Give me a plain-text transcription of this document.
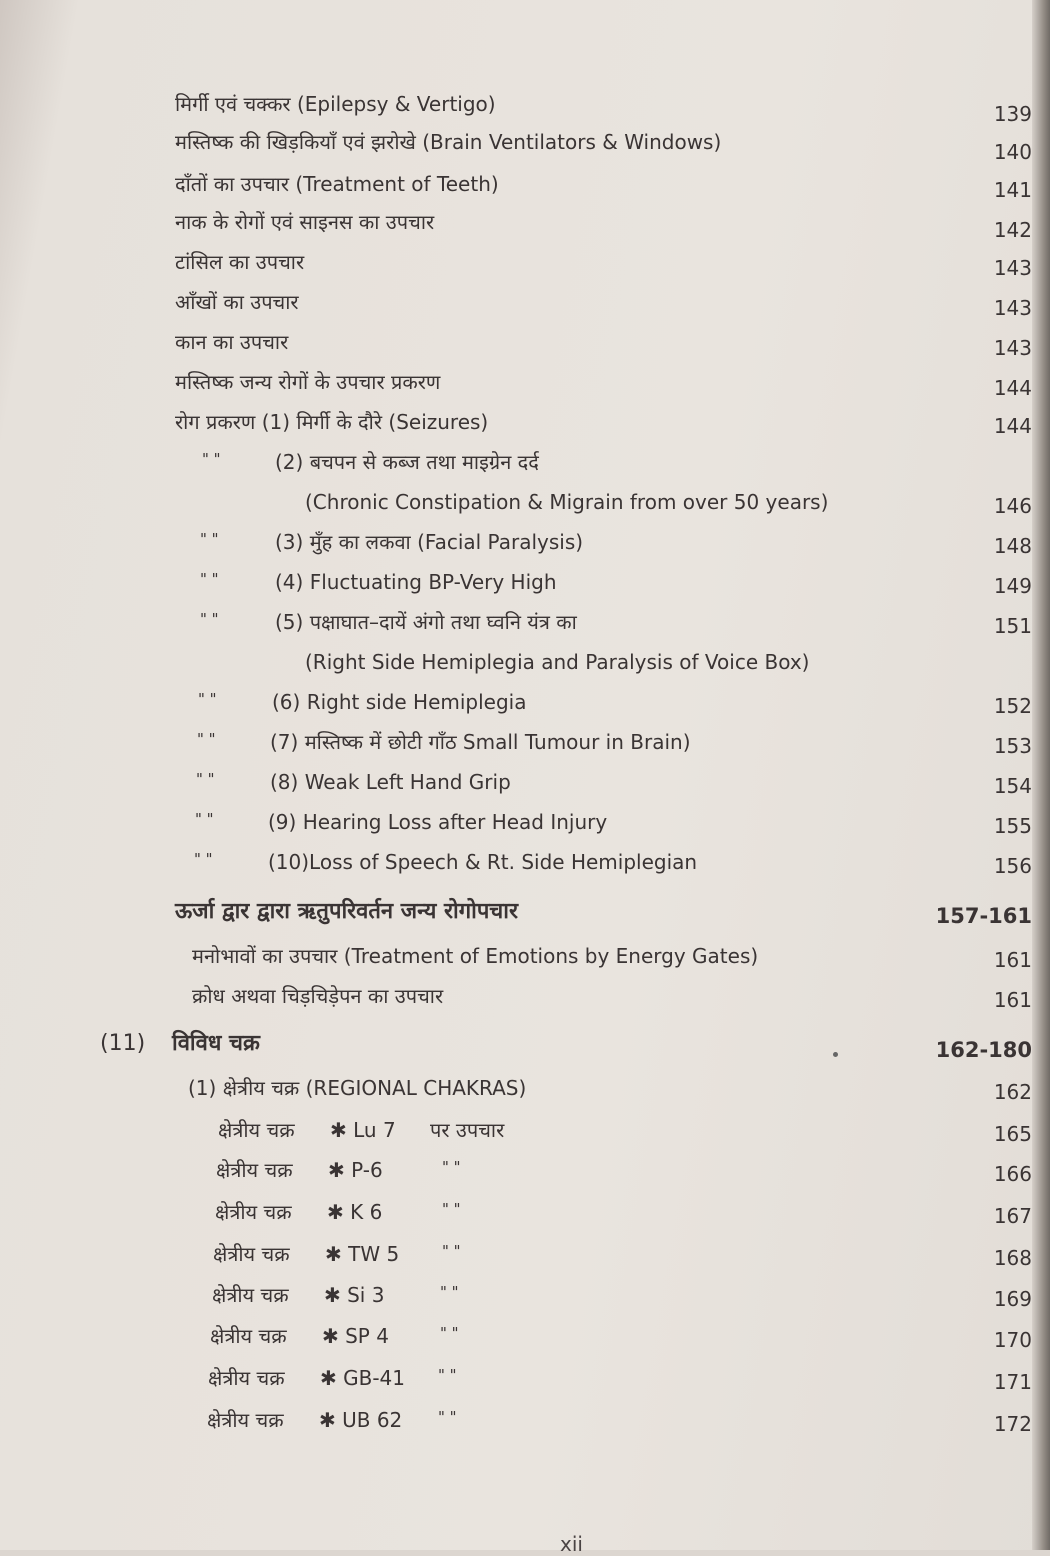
मिर्गी एवं चक्कर (Epilepsy & Vertigo)	139
मस्तिष्क की खिड़कियाँ एवं झरोखे (Brain Ventilators & Windows)	140
दाँतों का उपचार (Treatment of Teeth)	141
नाक के रोगों एवं साइनस का उपचार	142
टांसिल का उपचार	143
आँखों का उपचार	143
कान का उपचार	143
मस्तिष्क जन्य रोगों के उपचार प्रकरण	144
रोग प्रकरण (1) मिर्गी के दौरे (Seizures)	144
" "	(2) बचपन से कब्ज तथा माइग्रेन दर्द
(Chronic Constipation & Migrain from over 50 years)	146
" "	(3) मुँह का लकवा (Facial Paralysis)	148
" "	(4) Fluctuating BP-Very High	149
" "	(5) पक्षाघात–दायें अंगो तथा घ्वनि यंत्र का	151
(Right Side Hemiplegia and Paralysis of Voice Box)
" "	(6) Right side Hemiplegia	152
" "	(7) मस्तिष्क में छोटी गाँठ Small Tumour in Brain)	153
" "	(8) Weak Left Hand Grip	154
" "	(9) Hearing Loss after Head Injury	155
" "	(10)Loss of Speech & Rt. Side Hemiplegian	156
ऊर्जा द्वार द्वारा ऋतुपरिवर्तन जन्य रोगोपचार	157-161
मनोभावों का उपचार (Treatment of Emotions by Energy Gates)	161
क्रोध अथवा चिड़चिड़ेपन का उपचार	161
(11) विविध चक्र	162-180
(1) क्षेत्रीय चक्र (REGIONAL CHAKRAS)	162
क्षेत्रीय चक्र ✱ Lu 7 पर उपचार	165
क्षेत्रीय चक्र ✱ P-6	" "	166
क्षेत्रीय चक्र ✱ K 6	" "	167
क्षेत्रीय चक्र ✱ TW 5	" "	168
क्षेत्रीय चक्र ✱ Si 3	" "	169
क्षेत्रीय चक्र ✱ SP 4	" "	170
क्षेत्रीय चक्र ✱ GB-41 " "	171
क्षेत्रीय चक्र ✱ UB 62 " "	172
xii
